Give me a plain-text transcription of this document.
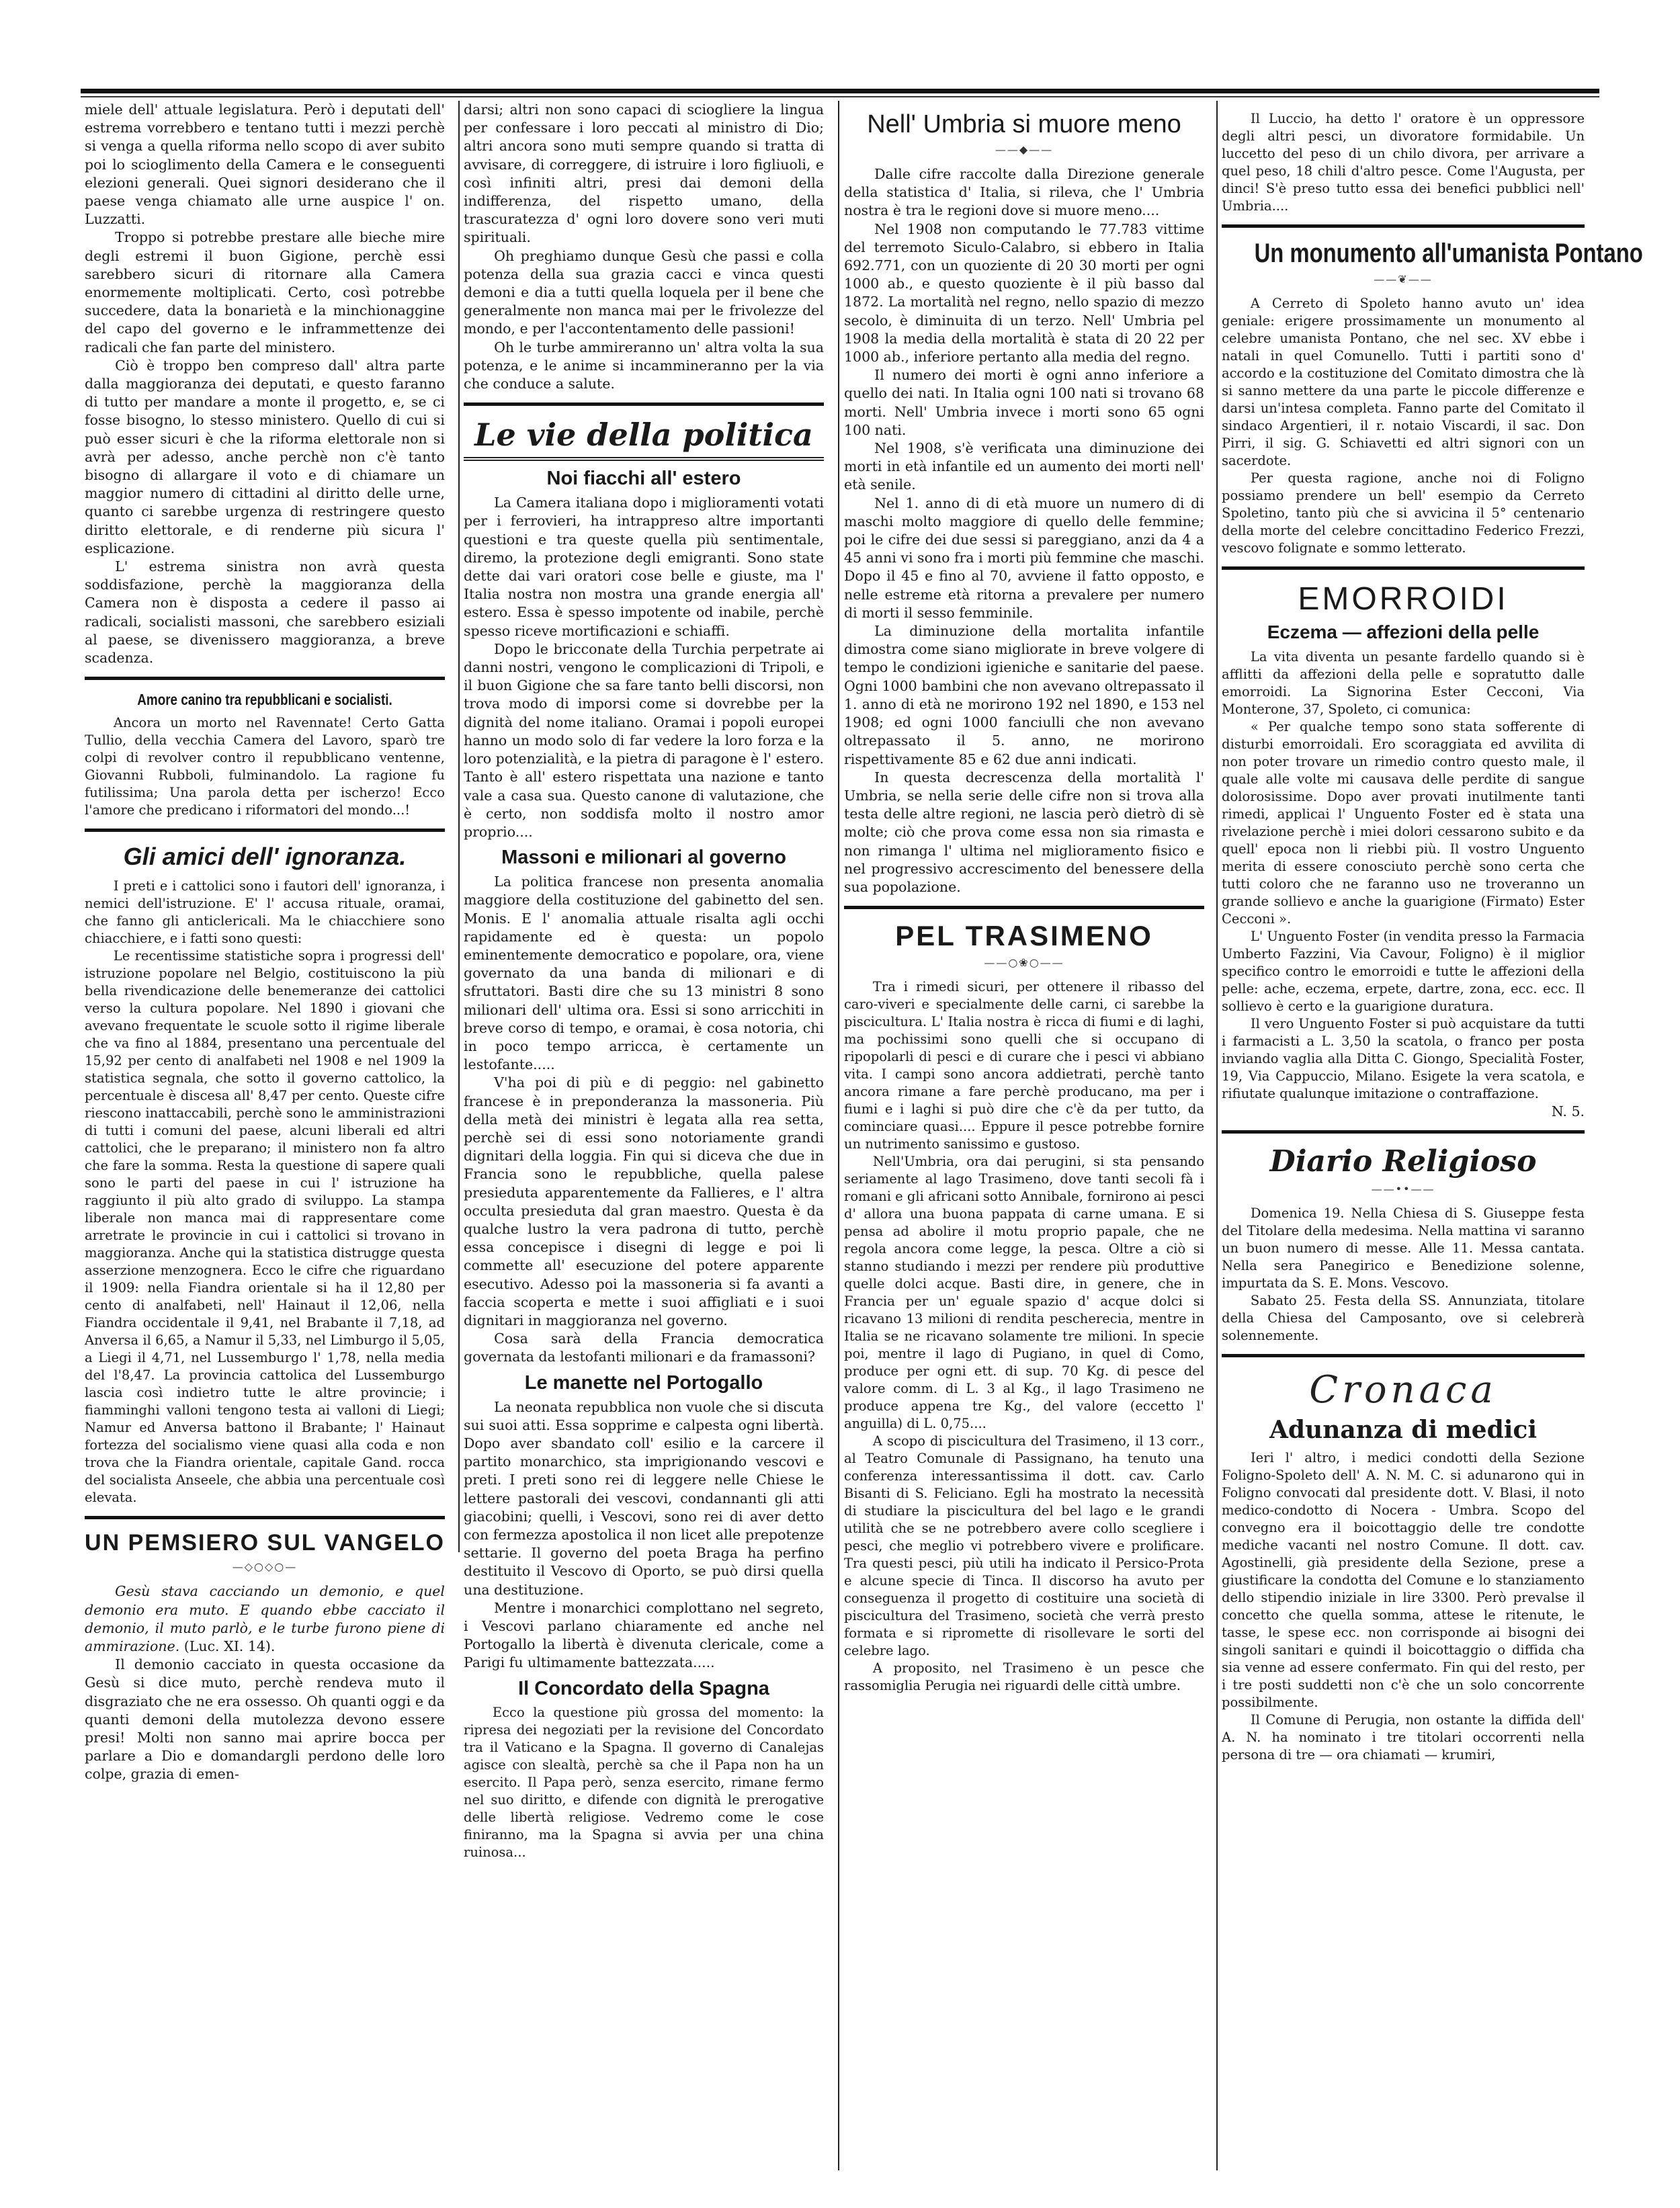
miele dell' attuale legislatura. Però i deputati dell' estrema vorrebbero e tentano tutti i mezzi perchè si venga a quella riforma nello scopo di aver subito poi lo scioglimento della Camera e le conseguenti elezioni generali. Quei signori desiderano che il paese venga chiamato alle urne auspice l' on. Luzzatti.

Troppo si potrebbe prestare alle bieche mire degli estremi il buon Gigione, perchè essi sarebbero sicuri di ritornare alla Camera enormemente moltiplicati. Certo, così potrebbe succedere, data la bonarietà e la minchionaggine del capo del governo e le inframmettenze dei radicali che fan parte del ministero.

Ciò è troppo ben compreso dall' altra parte dalla maggioranza dei deputati, e questo faranno di tutto per mandare a monte il progetto, e, se ci fosse bisogno, lo stesso ministero. Quello di cui si può esser sicuri è che la riforma elettorale non si avrà per adesso, anche perchè non c'è tanto bisogno di allargare il voto e di chiamare un maggior numero di cittadini al diritto delle urne, quanto ci sarebbe urgenza di restringere questo diritto elettorale, e di renderne più sicura l' esplicazione.

L' estrema sinistra non avrà questa soddisfazione, perchè la maggioranza della Camera non è disposta a cedere il passo ai radicali, socialisti massoni, che sarebbero esiziali al paese, se divenissero maggioranza, a breve scadenza.

Amore canino tra repubblicani e socialisti.

Ancora un morto nel Ravennate! Certo Gatta Tullio, della vecchia Camera del Lavoro, sparò tre colpi di revolver contro il repubblicano ventenne, Giovanni Rubboli, fulminandolo. La ragione fu futilissima; Una parola detta per ischerzo! Ecco l'amore che predicano i riformatori del mondo...!

Gli amici dell' ignoranza.

I preti e i cattolici sono i fautori dell' ignoranza, i nemici dell'istruzione. E' l' accusa rituale, oramai, che fanno gli anticlericali. Ma le chiacchiere sono chiacchiere, e i fatti sono questi:

Le recentissime statistiche sopra i progressi dell' istruzione popolare nel Belgio, costituiscono la più bella rivendicazione delle benemeranze dei cattolici verso la cultura popolare. Nel 1890 i giovani che avevano frequentate le scuole sotto il rigime liberale che va fino al 1884, presentano una percentuale del 15,92 per cento di analfabeti nel 1908 e nel 1909 la statistica segnala, che sotto il governo cattolico, la percentuale è discesa all' 8,47 per cento. Queste cifre riescono inattaccabili, perchè sono le amministrazioni di tutti i comuni del paese, alcuni liberali ed altri cattolici, che le preparano; il ministero non fa altro che fare la somma. Resta la questione di sapere quali sono le parti del paese in cui l' istruzione ha raggiunto il più alto grado di sviluppo. La stampa liberale non manca mai di rappresentare come arretrate le provincie in cui i cattolici si trovano in maggioranza. Anche qui la statistica distrugge questa asserzione menzognera. Ecco le cifre che riguardano il 1909: nella Fiandra orientale si ha il 12,80 per cento di analfabeti, nell' Hainaut il 12,06, nella Fiandra occidentale il 9,41, nel Brabante il 7,18, ad Anversa il 6,65, a Namur il 5,33, nel Limburgo il 5,05, a Liegi il 4,71, nel Lussemburgo l' 1,78, nella media del l'8,47. La provincia cattolica del Lussemburgo lascia così indietro tutte le altre provincie; i fiamminghi valloni tengono testa ai valloni di Liegi; Namur ed Anversa battono il Brabante; l' Hainaut fortezza del socialismo viene quasi alla coda e non trova che la Fiandra orientale, capitale Gand. rocca del socialista Anseele, che abbia una percentuale così elevata.

UN PEMSIERO SUL VANGELO
—◇○◇○—

Gesù stava cacciando un demonio, e quel demonio era muto. E quando ebbe cacciato il demonio, il muto parlò, e le turbe furono piene di ammirazione. (Luc. XI. 14).

Il demonio cacciato in questa occasione da Gesù si dice muto, perchè rendeva muto il disgraziato che ne era ossesso. Oh quanti oggi e da quanti demoni della mutolezza devono essere presi! Molti non sanno mai aprire bocca per parlare a Dio e domandargli perdono delle loro colpe, grazia di emen-

darsi; altri non sono capaci di sciogliere la lingua per confessare i loro peccati al ministro di Dio; altri ancora sono muti sempre quando si tratta di avvisare, di correggere, di istruire i loro figliuoli, e così infiniti altri, presi dai demoni della indifferenza, del rispetto umano, della trascuratezza d' ogni loro dovere sono veri muti spirituali.

Oh preghiamo dunque Gesù che passi e colla potenza della sua grazia cacci e vinca questi demoni e dia a tutti quella loquela per il bene che generalmente non manca mai per le frivolezze del mondo, e per l'accontentamento delle passioni!

Oh le turbe ammireranno un' altra volta la sua potenza, e le anime si incammineranno per la via che conduce a salute.

Le vie della politica
Noi fiacchi all' estero

La Camera italiana dopo i miglioramenti votati per i ferrovieri, ha intrappreso altre importanti questioni e tra queste quella più sentimentale, diremo, la protezione degli emigranti. Sono state dette dai vari oratori cose belle e giuste, ma l' Italia nostra non mostra una grande energia all' estero. Essa è spesso impotente od inabile, perchè spesso riceve mortificazioni e schiaffi.

Dopo le bricconate della Turchia perpetrate ai danni nostri, vengono le complicazioni di Tripoli, e il buon Gigione che sa fare tanto belli discorsi, non trova modo di imporsi come si dovrebbe per la dignità del nome italiano. Oramai i popoli europei hanno un modo solo di far vedere la loro forza e la loro potenzialità, e la pietra di paragone è l' estero. Tanto è all' estero rispettata una nazione e tanto vale a casa sua. Questo canone di valutazione, che è certo, non soddisfa molto il nostro amor proprio....

Massoni e milionari al governo

La politica francese non presenta anomalia maggiore della costituzione del gabinetto del sen. Monis. E l' anomalia attuale risalta agli occhi rapidamente ed è questa: un popolo eminentemente democratico e popolare, ora, viene governato da una banda di milionari e di sfruttatori. Basti dire che su 13 ministri 8 sono milionari dell' ultima ora. Essi si sono arricchiti in breve corso di tempo, e oramai, è cosa notoria, chi in poco tempo arricca, è certamente un lestofante.....

V'ha poi di più e di peggio: nel gabinetto francese è in preponderanza la massoneria. Più della metà dei ministri è legata alla rea setta, perchè sei di essi sono notoriamente grandi dignitari della loggia. Fin qui si diceva che due in Francia sono le repubbliche, quella palese presieduta apparentemente da Fallieres, e l' altra occulta presieduta dal gran maestro. Questa è da qualche lustro la vera padrona di tutto, perchè essa concepisce i disegni di legge e poi li commette all' esecuzione del potere apparente esecutivo. Adesso poi la massoneria si fa avanti a faccia scoperta e mette i suoi affigliati e i suoi dignitari in maggioranza nel governo.

Cosa sarà della Francia democratica governata da lestofanti milionari e da framassoni?

Le manette nel Portogallo

La neonata repubblica non vuole che si discuta sui suoi atti. Essa sopprime e calpesta ogni libertà. Dopo aver sbandato coll' esilio e la carcere il partito monarchico, sta imprigionando vescovi e preti. I preti sono rei di leggere nelle Chiese le lettere pastorali dei vescovi, condannanti gli atti giacobini; quelli, i Vescovi, sono rei di aver detto con fermezza apostolica il non licet alle prepotenze settarie. Il governo del poeta Braga ha perfino destituito il Vescovo di Oporto, se può dirsi quella una destituzione.

Mentre i monarchici complottano nel segreto, i Vescovi parlano chiaramente ed anche nel Portogallo la libertà è divenuta clericale, come a Parigi fu ultimamente battezzata.....

Il Concordato della Spagna

Ecco la questione più grossa del momento: la ripresa dei negoziati per la revisione del Concordato tra il Vaticano e la Spagna. Il governo di Canalejas agisce con slealtà, perchè sa che il Papa non ha un esercito. Il Papa però, senza esercito, rimane fermo nel suo diritto, e difende con dignità le prerogative delle libertà religiose. Vedremo come le cose finiranno, ma la Spagna si avvia per una china ruinosa...

Nell' Umbria si muore meno
——◆——

Dalle cifre raccolte dalla Direzione generale della statistica d' Italia, si rileva, che l' Umbria nostra è tra le regioni dove si muore meno....

Nel 1908 non computando le 77.783 vittime del terremoto Siculo-Calabro, si ebbero in Italia 692.771, con un quoziente di 20 30 morti per ogni 1000 ab., e questo quoziente è il più basso dal 1872. La mortalità nel regno, nello spazio di mezzo secolo, è diminuita di un terzo. Nell' Umbria pel 1908 la media della mortalità è stata di 20 22 per 1000 ab., inferiore pertanto alla media del regno.

Il numero dei morti è ogni anno inferiore a quello dei nati. In Italia ogni 100 nati si trovano 68 morti. Nell' Umbria invece i morti sono 65 ogni 100 nati.

Nel 1908, s'è verificata una diminuzione dei morti in età infantile ed un aumento dei morti nell' età senile.

Nel 1. anno di di età muore un numero di di maschi molto maggiore di quello delle femmine; poi le cifre dei due sessi si pareggiano, anzi da 4 a 45 anni vi sono fra i morti più femmine che maschi. Dopo il 45 e fino al 70, avviene il fatto opposto, e nelle estreme età ritorna a prevalere per numero di morti il sesso femminile.

La diminuzione della mortalita infantile dimostra come siano migliorate in breve volgere di tempo le condizioni igieniche e sanitarie del paese. Ogni 1000 bambini che non avevano oltrepassato il 1. anno di età ne morirono 192 nel 1890, e 153 nel 1908; ed ogni 1000 fanciulli che non avevano oltrepassato il 5. anno, ne morirono rispettivamente 85 e 62 due anni indicati.

In questa decrescenza della mortalità l' Umbria, se nella serie delle cifre non si trova alla testa delle altre regioni, ne lascia però dietrò di sè molte; ciò che prova come essa non sia rimasta e non rimanga l' ultima nel miglioramento fisico e nel progressivo accrescimento del benessere della sua popolazione.

PEL TRASIMENO
——○❀○——

Tra i rimedi sicuri, per ottenere il ribasso del caro-viveri e specialmente delle carni, ci sarebbe la piscicultura. L' Italia nostra è ricca di fiumi e di laghi, ma pochissimi sono quelli che si occupano di ripopolarli di pesci e di curare che i pesci vi abbiano vita. I campi sono ancora addietrati, perchè tanto ancora rimane a fare perchè producano, ma per i fiumi e i laghi si può dire che c'è da per tutto, da cominciare quasi.... Eppure il pesce potrebbe fornire un nutrimento sanissimo e gustoso.

Nell'Umbria, ora dai perugini, si sta pensando seriamente al lago Trasimeno, dove tanti secoli fà i romani e gli africani sotto Annibale, fornirono ai pesci d' allora una buona pappata di carne umana. E si pensa ad abolire il motu proprio papale, che ne regola ancora come legge, la pesca. Oltre a ciò si stanno studiando i mezzi per rendere più produttive quelle dolci acque. Basti dire, in genere, che in Francia per un' eguale spazio d' acque dolci si ricavano 13 milioni di rendita pescherecia, mentre in Italia se ne ricavano solamente tre milioni. In specie poi, mentre il lago di Pugiano, in quel di Como, produce per ogni ett. di sup. 70 Kg. di pesce del valore comm. di L. 3 al Kg., il lago Trasimeno ne produce appena tre Kg., del valore (eccetto l' anguilla) di L. 0,75....

A scopo di piscicultura del Trasimeno, il 13 corr., al Teatro Comunale di Passignano, ha tenuto una conferenza interessantissima il dott. cav. Carlo Bisanti di S. Feliciano. Egli ha mostrato la necessità di studiare la piscicultura del bel lago e le grandi utilità che se ne potrebbero avere collo scegliere i pesci, che meglio vi potrebbero vivere e prolificare. Tra questi pesci, più utili ha indicato il Persico-Prota e alcune specie di Tinca. Il discorso ha avuto per conseguenza il progetto di costituire una società di piscicultura del Trasimeno, società che verrà presto formata e si ripromette di risollevare le sorti del celebre lago.

A proposito, nel Trasimeno è un pesce che rassomiglia Perugia nei riguardi delle città umbre.

Il Luccio, ha detto l' oratore è un oppressore degli altri pesci, un divoratore formidabile. Un luccetto del peso di un chilo divora, per arrivare a quel peso, 18 chili d'altro pesce. Come l'Augusta, per dinci! S'è preso tutto essa dei benefici pubblici nell' Umbria....

Un monumento all'umanista Pontano
——❦——

A Cerreto di Spoleto hanno avuto un' idea geniale: erigere prossimamente un monumento al celebre umanista Pontano, che nel sec. XV ebbe i natali in quel Comunello. Tutti i partiti sono d' accordo e la costituzione del Comitato dimostra che là si sanno mettere da una parte le piccole differenze e darsi un'intesa completa. Fanno parte del Comitato il sindaco Argentieri, il r. notaio Viscardi, il sac. Don Pirri, il sig. G. Schiavetti ed altri signori con un sacerdote.

Per questa ragione, anche noi di Foligno possiamo prendere un bell' esempio da Cerreto Spoletino, tanto più che si avvicina il 5° centenario della morte del celebre concittadino Federico Frezzi, vescovo folignate e sommo letterato.

EMORROIDI
Eczema — affezioni della pelle

La vita diventa un pesante fardello quando si è afflitti da affezioni della pelle e sopratutto dalle emorroidi. La Signorina Ester Cecconi, Via Monterone, 37, Spoleto, ci comunica:

« Per qualche tempo sono stata sofferente di disturbi emorroidali. Ero scoraggiata ed avvilita di non poter trovare un rimedio contro questo male, il quale alle volte mi causava delle perdite di sangue dolorosissime. Dopo aver provati inutilmente tanti rimedi, applicai l' Unguento Foster ed è stata una rivelazione perchè i miei dolori cessarono subito e da quell' epoca non li riebbi più. Il vostro Unguento merita di essere conosciuto perchè sono certa che tutti coloro che ne faranno uso ne troveranno un grande sollievo e anche la guarigione (Firmato) Ester Cecconi ».

L' Unguento Foster (in vendita presso la Farmacia Umberto Fazzini, Via Cavour, Foligno) è il miglior specifico contro le emorroidi e tutte le affezioni della pelle: ache, eczema, erpete, dartre, zona, ecc. ecc. Il sollievo è certo e la guarigione duratura.

Il vero Unguento Foster si può acquistare da tutti i farmacisti a L. 3,50 la scatola, o franco per posta inviando vaglia alla Ditta C. Giongo, Specialità Foster, 19, Via Cappuccio, Milano. Esigete la vera scatola, e rifiutate qualunque imitazione o contraffazione.

N. 5.
Diario Religioso
——••——

Domenica 19. Nella Chiesa di S. Giuseppe festa del Titolare della medesima. Nella mattina vi saranno un buon numero di messe. Alle 11. Messa cantata. Nella sera Panegirico e Benedizione solenne, impurtata da S. E. Mons. Vescovo.

Sabato 25. Festa della SS. Annunziata, titolare della Chiesa del Camposanto, ove si celebrerà solennemente.

Cronaca
Adunanza di medici

Ieri l' altro, i medici condotti della Sezione Foligno-Spoleto dell' A. N. M. C. si adunarono qui in Foligno convocati dal presidente dott. V. Blasi, il noto medico-condotto di Nocera - Umbra. Scopo del convegno era il boicottaggio delle tre condotte mediche vacanti nel nostro Comune. Il dott. cav. Agostinelli, già presidente della Sezione, prese a giustificare la condotta del Comune e lo stanziamento dello stipendio iniziale in lire 3300. Però prevalse il concetto che quella somma, attese le ritenute, le tasse, le spese ecc. non corrisponde ai bisogni dei singoli sanitari e quindi il boicottaggio o diffida cha sia venne ad essere confermato. Fin qui del resto, per i tre posti suddetti non c'è che un solo concorrente possibilmente.

Il Comune di Perugia, non ostante la diffida dell' A. N. ha nominato i tre titolari occorrenti nella persona di tre — ora chiamati — krumiri,
